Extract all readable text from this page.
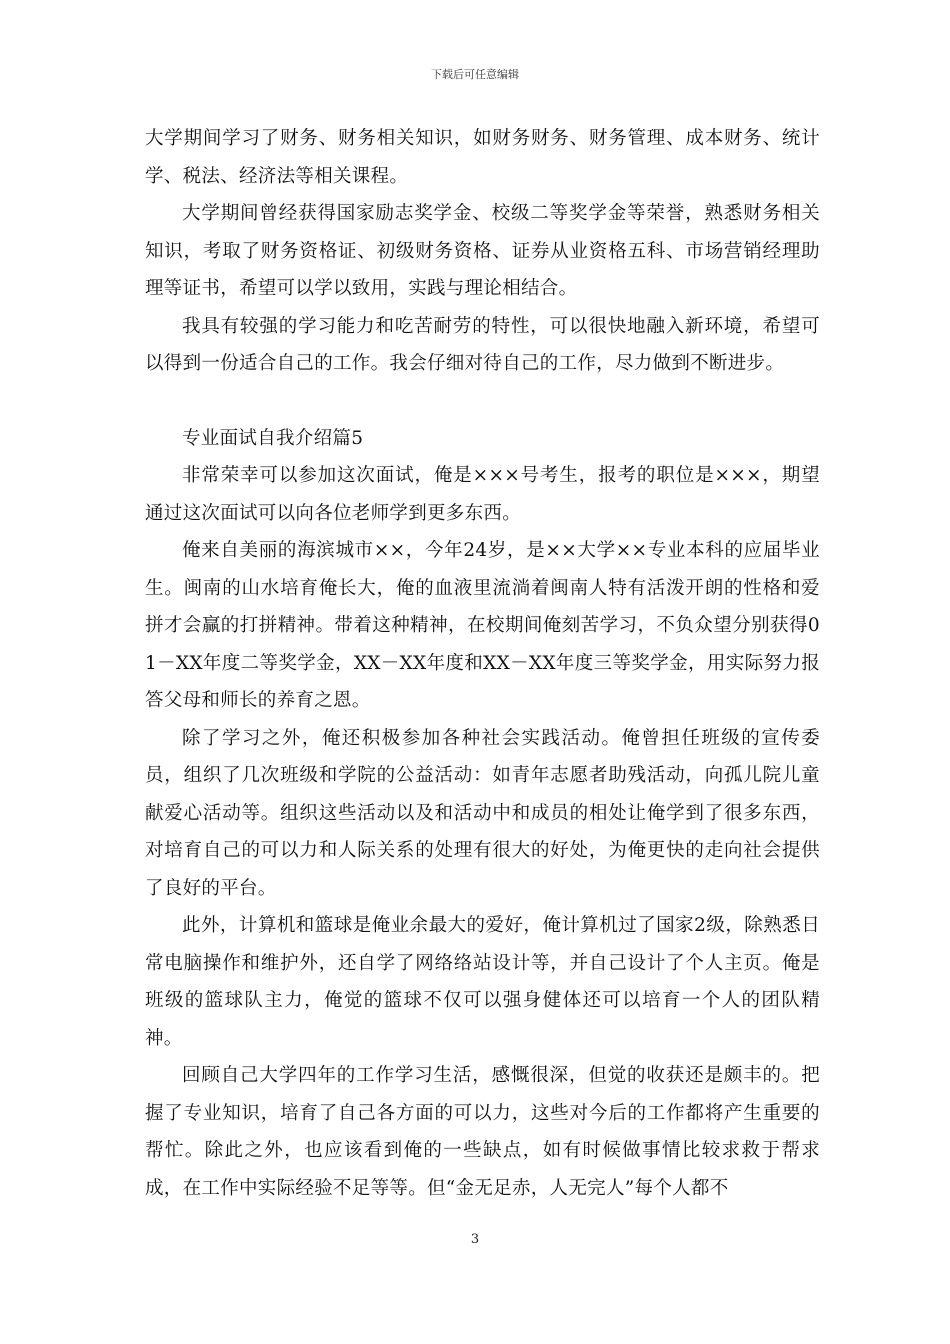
下载后可任意编辑

大学期间学习了财务、财务相关知识，如财务财务、财务管理、成本财务、统计学、税法、经济法等相关课程。

大学期间曾经获得国家励志奖学金、校级二等奖学金等荣誉，熟悉财务相关知识，考取了财务资格证、初级财务资格、证券从业资格五科、市场营销经理助理等证书，希望可以学以致用，实践与理论相结合。

我具有较强的学习能力和吃苦耐劳的特性，可以很快地融入新环境，希望可以得到一份适合自己的工作。我会仔细对待自己的工作，尽力做到不断进步。

专业面试自我介绍篇5

非常荣幸可以参加这次面试，俺是×××号考生，报考的职位是×××，期望通过这次面试可以向各位老师学到更多东西。

俺来自美丽的海滨城市××，今年24岁，是××大学××专业本科的应届毕业生。闽南的山水培育俺长大，俺的血液里流淌着闽南人特有活泼开朗的性格和爱拼才会赢的打拼精神。带着这种精神，在校期间俺刻苦学习，不负众望分别获得01－XX年度二等奖学金，XX－XX年度和XX－XX年度三等奖学金，用实际努力报答父母和师长的养育之恩。

除了学习之外，俺还积极参加各种社会实践活动。俺曾担任班级的宣传委员，组织了几次班级和学院的公益活动：如青年志愿者助残活动，向孤儿院儿童献爱心活动等。组织这些活动以及和活动中和成员的相处让俺学到了很多东西，对培育自己的可以力和人际关系的处理有很大的好处，为俺更快的走向社会提供了良好的平台。

此外，计算机和篮球是俺业余最大的爱好，俺计算机过了国家2级，除熟悉日常电脑操作和维护外，还自学了网络络站设计等，并自己设计了个人主页。俺是班级的篮球队主力，俺觉的篮球不仅可以强身健体还可以培育一个人的团队精神。

回顾自己大学四年的工作学习生活，感慨很深，但觉的收获还是颇丰的。把握了专业知识，培育了自己各方面的可以力，这些对今后的工作都将产生重要的帮忙。除此之外，也应该看到俺的一些缺点，如有时候做事情比较求救于帮求成，在工作中实际经验不足等等。但“金无足赤，人无完人”每个人都不

3
